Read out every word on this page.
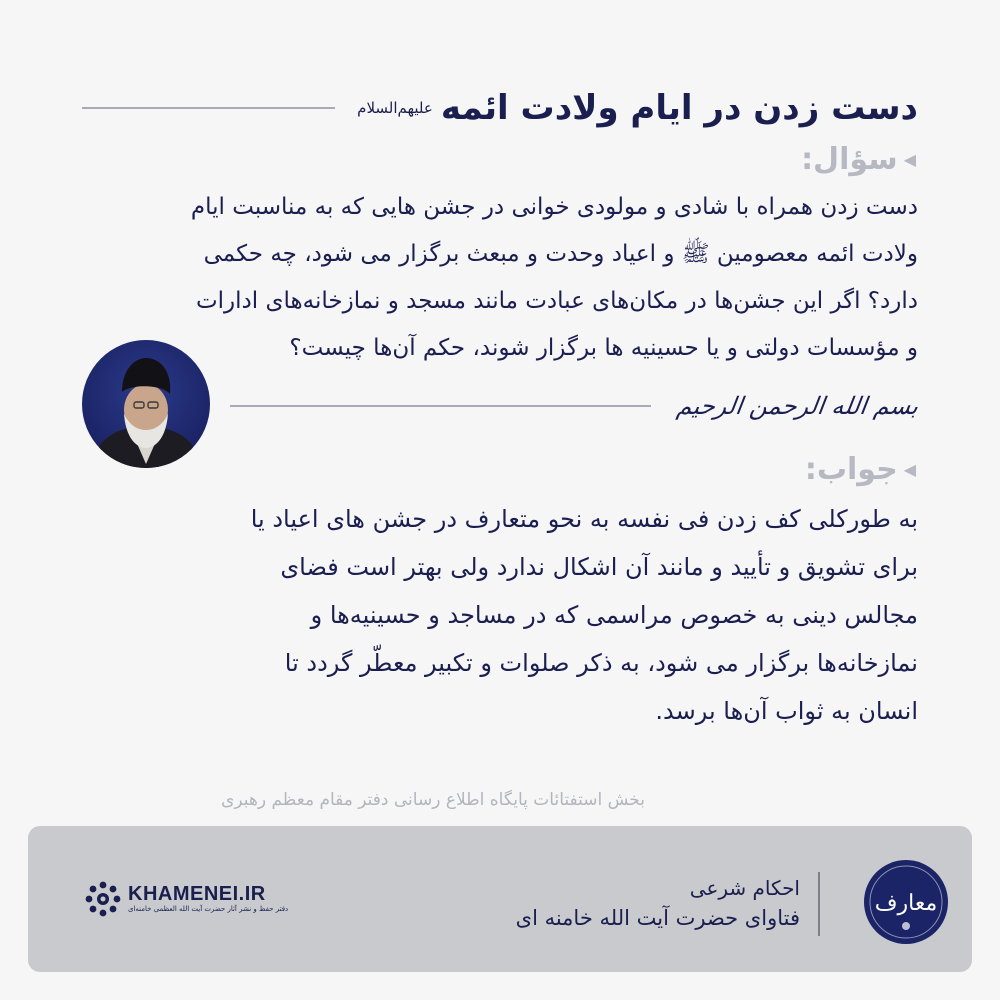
دست زدن در ایام ولادت ائمه
علیهم‌السلام
◀
سؤال:

دست زدن همراه با شادی و مولودی خوانی در جشن هایی که به مناسبت ایام

ولادت ائمه معصومین ﷺ و اعیاد وحدت و مبعث برگزار می شود، چه حکمی

دارد؟ اگر این جشن‌ها در مکان‌های عبادت مانند مسجد و نمازخانه‌های ادارات

و مؤسسات دولتی و یا حسینیه ها برگزار شوند، حکم آن‌ها چیست؟

بسم الله الرحمن الرحیم
◀
جواب:

به طورکلی کف زدن فی نفسه به نحو متعارف در جشن های اعیاد یا

برای تشویق و تأیید و مانند آن اشکال ندارد ولی بهتر است فضای

مجالس دینی به خصوص مراسمی که در مساجد و حسینیه‌ها و

نمازخانه‌ها برگزار می شود، به ذکر صلوات و تکبیر معطّر گردد تا

انسان به ثواب آن‌ها برسد.

بخش استفتائات پایگاه اطلاع رسانی دفتر مقام معظم رهبری
معارف
احکام شرعی
فتاوای حضرت آیت الله خامنه ای
KHAMENEI.IR
دفتر حفظ و نشر آثار حضرت آیت الله العظمی خامنه‌ای
